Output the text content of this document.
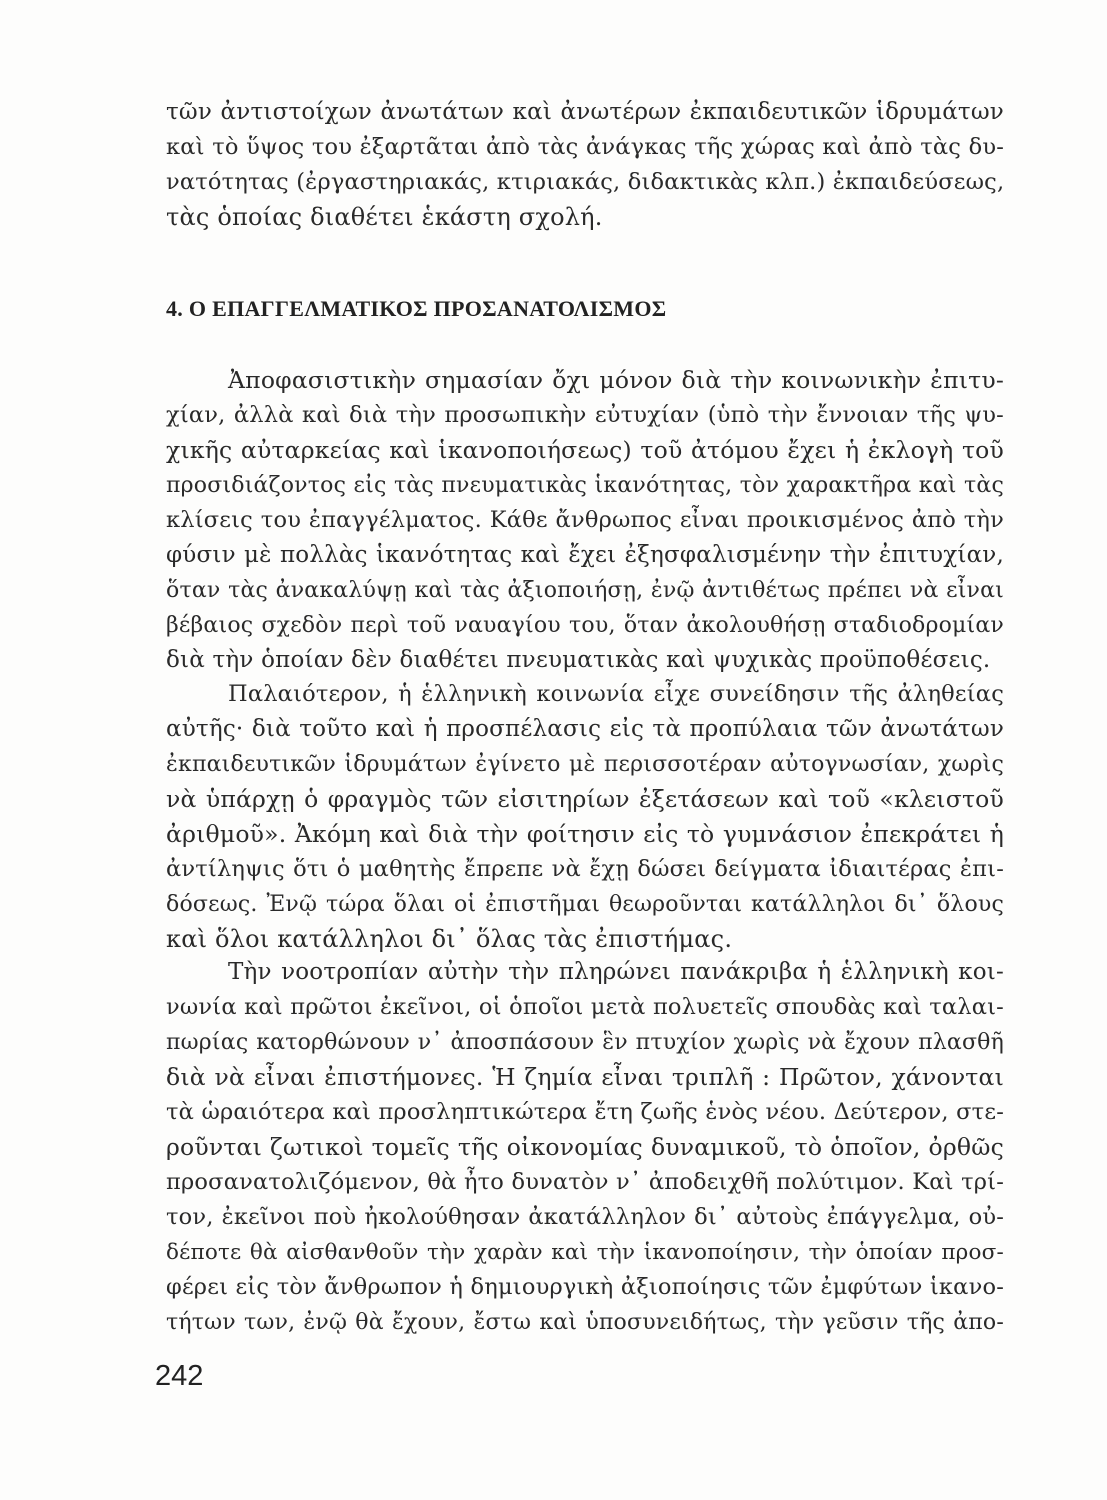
τῶν ἀντιστοίχων ἀνωτάτων καὶ ἀνωτέρων ἐκπαιδευτικῶν ἱδρυμάτων
καὶ τὸ ὕψος του ἐξαρτᾶται ἀπὸ τὰς ἀνάγκας τῆς χώρας καὶ ἀπὸ τὰς δυ-
νατότητας (ἐργαστηριακάς, κτιριακάς, διδακτικὰς κλπ.) ἐκπαιδεύσεως,
τὰς ὁποίας διαθέτει ἑκάστη σχολή.
4. Ο ΕΠΑΓΓΕΛΜΑΤΙΚΟΣ ΠΡΟΣΑΝΑΤΟΛΙΣΜΟΣ
Ἀποφασιστικὴν σημασίαν ὄχι μόνον διὰ τὴν κοινωνικὴν ἐπιτυ-
χίαν, ἀλλὰ καὶ διὰ τὴν προσωπικὴν εὐτυχίαν (ὑπὸ τὴν ἔννοιαν τῆς ψυ-
χικῆς αὐταρκείας καὶ ἱκανοποιήσεως) τοῦ ἀτόμου ἔχει ἡ ἐκλογὴ τοῦ
προσιδιάζοντος εἰς τὰς πνευματικὰς ἱκανότητας, τὸν χαρακτῆρα καὶ τὰς
κλίσεις του ἐπαγγέλματος. Κάθε ἄνθρωπος εἶναι προικισμένος ἀπὸ τὴν
φύσιν μὲ πολλὰς ἱκανότητας καὶ ἔχει ἐξησφαλισμένην τὴν ἐπιτυχίαν,
ὅταν τὰς ἀνακαλύψῃ καὶ τὰς ἀξιοποιήσῃ, ἐνῷ ἀντιθέτως πρέπει νὰ εἶναι
βέβαιος σχεδὸν περὶ τοῦ ναυαγίου του, ὅταν ἀκολουθήσῃ σταδιοδρομίαν
διὰ τὴν ὁποίαν δὲν διαθέτει πνευματικὰς καὶ ψυχικὰς προϋποθέσεις.
Παλαιότερον, ἡ ἑλληνικὴ κοινωνία εἶχε συνείδησιν τῆς ἀληθείας
αὐτῆς· διὰ τοῦτο καὶ ἡ προσπέλασις εἰς τὰ προπύλαια τῶν ἀνωτάτων
ἐκπαιδευτικῶν ἱδρυμάτων ἐγίνετο μὲ περισσοτέραν αὐτογνωσίαν, χωρὶς
νὰ ὑπάρχῃ ὁ φραγμὸς τῶν εἰσιτηρίων ἐξετάσεων καὶ τοῦ «κλειστοῦ
ἀριθμοῦ». Ἀκόμη καὶ διὰ τὴν φοίτησιν εἰς τὸ γυμνάσιον ἐπεκράτει ἡ
ἀντίληψις ὅτι ὁ μαθητὴς ἔπρεπε νὰ ἔχῃ δώσει δείγματα ἰδιαιτέρας ἐπι-
δόσεως. Ἐνῷ τώρα ὅλαι οἱ ἐπιστῆμαι θεωροῦνται κατάλληλοι δι᾽ ὅλους
καὶ ὅλοι κατάλληλοι δι᾽ ὅλας τὰς ἐπιστήμας.
Τὴν νοοτροπίαν αὐτὴν τὴν πληρώνει πανάκριβα ἡ ἑλληνικὴ κοι-
νωνία καὶ πρῶτοι ἐκεῖνοι, οἱ ὁποῖοι μετὰ πολυετεῖς σπουδὰς καὶ ταλαι-
πωρίας κατορθώνουν ν᾽ ἀποσπάσουν ἓν πτυχίον χωρὶς νὰ ἔχουν πλασθῆ
διὰ νὰ εἶναι ἐπιστήμονες. Ἡ ζημία εἶναι τριπλῆ : Πρῶτον, χάνονται
τὰ ὡραιότερα καὶ προσληπτικώτερα ἔτη ζωῆς ἑνὸς νέου. Δεύτερον, στε-
ροῦνται ζωτικοὶ τομεῖς τῆς οἰκονομίας δυναμικοῦ, τὸ ὁποῖον, ὀρθῶς
προσανατολιζόμενον, θὰ ἦτο δυνατὸν ν᾽ ἀποδειχθῆ πολύτιμον. Καὶ τρί-
τον, ἐκεῖνοι ποὺ ἠκολούθησαν ἀκατάλληλον δι᾽ αὐτοὺς ἐπάγγελμα, οὐ-
δέποτε θὰ αἰσθανθοῦν τὴν χαρὰν καὶ τὴν ἱκανοποίησιν, τὴν ὁποίαν προσ-
φέρει εἰς τὸν ἄνθρωπον ἡ δημιουργικὴ ἀξιοποίησις τῶν ἐμφύτων ἱκανο-
τήτων των, ἐνῷ θὰ ἔχουν, ἔστω καὶ ὑποσυνειδήτως, τὴν γεῦσιν τῆς ἀπο-
242
